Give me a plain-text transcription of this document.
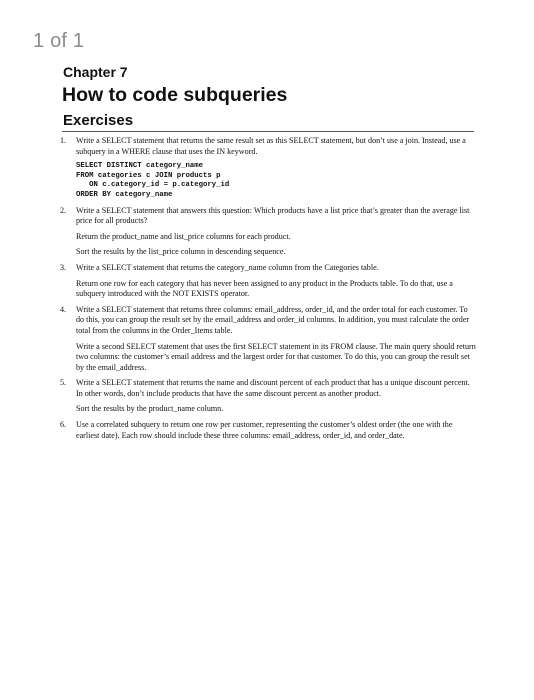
1 of 1
Chapter 7
How to code subqueries
Exercises
1. Write a SELECT statement that returns the same result set as this SELECT statement, but don’t use a join. Instead, use a subquery in a WHERE clause that uses the IN keyword.

SELECT DISTINCT category_name
FROM categories c JOIN products p
ON c.category_id = p.category_id
ORDER BY category_name
2. Write a SELECT statement that answers this question: Which products have a list price that’s greater than the average list price for all products?

Return the product_name and list_price columns for each product.

Sort the results by the list_price column in descending sequence.

3. Write a SELECT statement that returns the category_name column from the Categories table.

Return one row for each category that has never been assigned to any product in the Products table. To do that, use a subquery introduced with the NOT EXISTS operator.

4. Write a SELECT statement that returns three columns: email_address, order_id, and the order total for each customer. To do this, you can group the result set by the email_address and order_id columns. In addition, you must calculate the order total from the columns in the Order_Items table.

Write a second SELECT statement that uses the first SELECT statement in its FROM clause. The main query should return two columns: the customer’s email address and the largest order for that customer. To do this, you can group the result set by the email_address.

5. Write a SELECT statement that returns the name and discount percent of each product that has a unique discount percent. In other words, don’t include products that have the same discount percent as another product.

Sort the results by the product_name column.

6. Use a correlated subquery to return one row per customer, representing the customer’s oldest order (the one with the earliest date). Each row should include these three columns: email_address, order_id, and order_date.
